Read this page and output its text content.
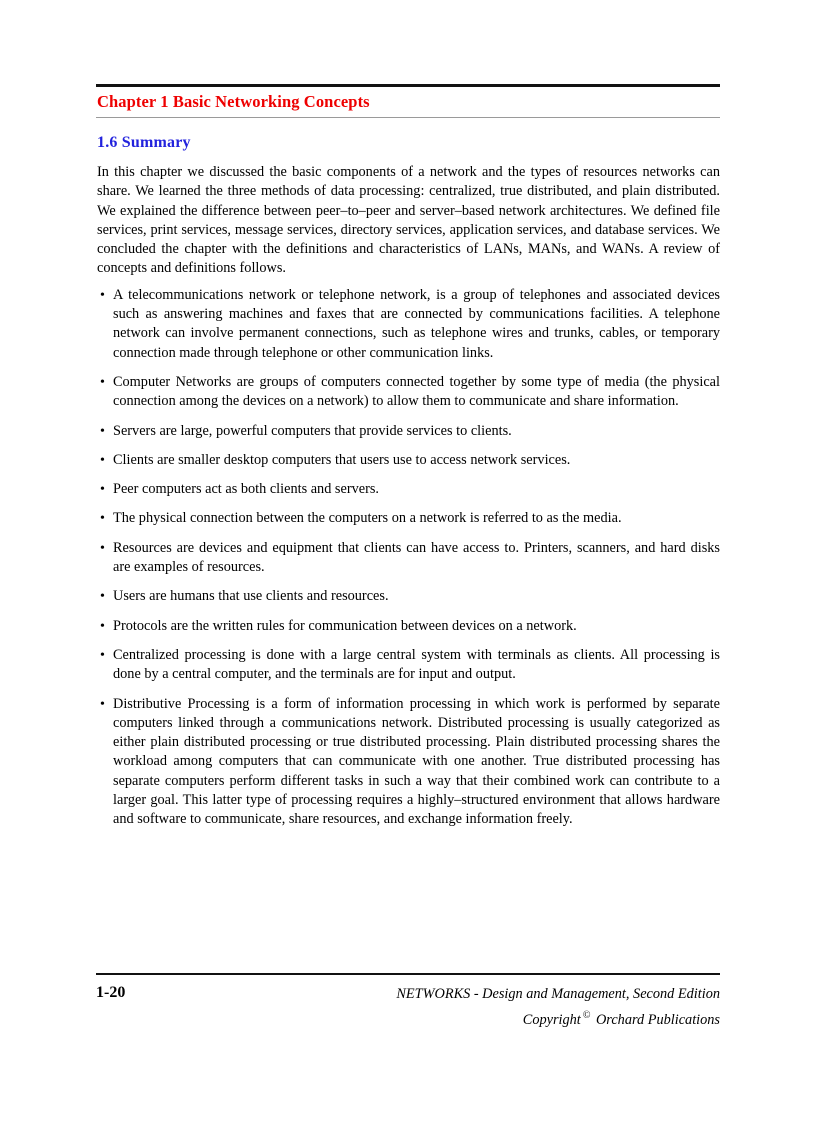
Chapter 1 Basic Networking Concepts
1.6 Summary

In this chapter we discussed the basic components of a network and the types of resources networks can share. We learned the three methods of data processing: centralized, true distributed, and plain distributed. We explained the difference between peer–to–peer and server–based network architectures. We defined file services, print services, message services, directory services, application services, and database services. We concluded the chapter with the definitions and characteristics of LANs, MANs, and WANs. A review of concepts and definitions follows.

• A telecommunications network or telephone network, is a group of telephones and associated devices such as answering machines and faxes that are connected by communications facilities. A telephone network can involve permanent connections, such as telephone wires and trunks, cables, or temporary connection made through telephone or other communication links.
• Computer Networks are groups of computers connected together by some type of media (the physical connection among the devices on a network) to allow them to communicate and share information.
• Servers are large, powerful computers that provide services to clients.
• Clients are smaller desktop computers that users use to access network services.
• Peer computers act as both clients and servers.
• The physical connection between the computers on a network is referred to as the media.
• Resources are devices and equipment that clients can have access to. Printers, scanners, and hard disks are examples of resources.
• Users are humans that use clients and resources.
• Protocols are the written rules for communication between devices on a network.
• Centralized processing is done with a large central system with terminals as clients. All processing is done by a central computer, and the terminals are for input and output.
• Distributive Processing is a form of information processing in which work is performed by separate computers linked through a communications network. Distributed processing is usually categorized as either plain distributed processing or true distributed processing. Plain distributed processing shares the workload among computers that can communicate with one another. True distributed processing has separate computers perform different tasks in such a way that their combined work can contribute to a larger goal. This latter type of processing requires a highly–structured environment that allows hardware and software to communicate, share resources, and exchange information freely.
1-20	NETWORKS - Design and Management, Second Edition
Copyright © Orchard Publications
